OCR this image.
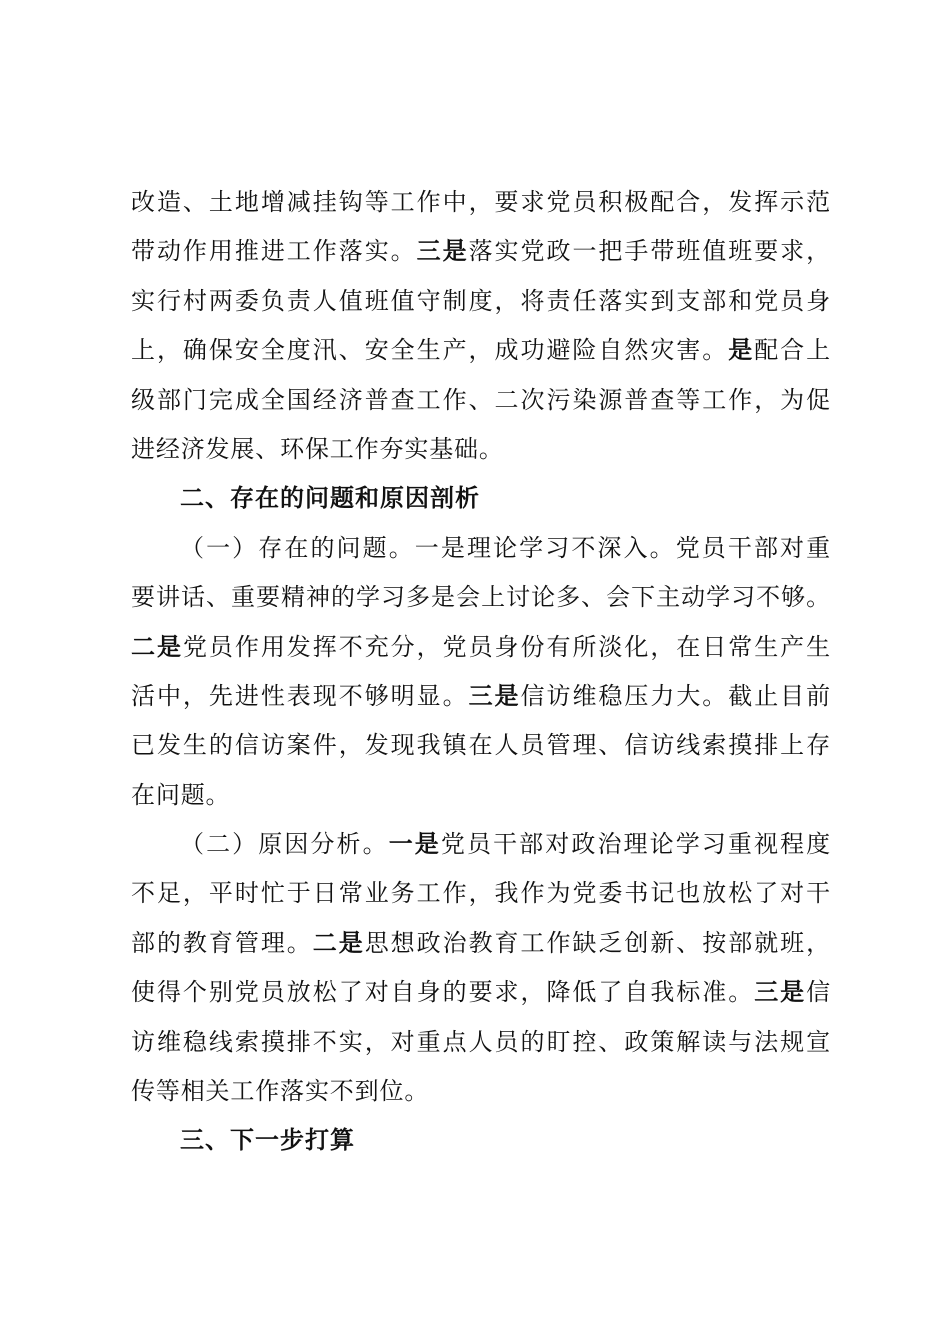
改造、土地增减挂钩等工作中，要求党员积极配合，发挥示范
带动作用推进工作落实。三是落实党政一把手带班值班要求，
实行村两委负责人值班值守制度，将责任落实到支部和党员身
上，确保安全度汛、安全生产，成功避险自然灾害。是配合上
级部门完成全国经济普查工作、二次污染源普查等工作，为促
进经济发展、环保工作夯实基础。
二、存在的问题和原因剖析
（一）存在的问题。一是理论学习不深入。党员干部对重
要讲话、重要精神的学习多是会上讨论多、会下主动学习不够。
二是党员作用发挥不充分，党员身份有所淡化，在日常生产生
活中，先进性表现不够明显。三是信访维稳压力大。截止目前
已发生的信访案件，发现我镇在人员管理、信访线索摸排上存
在问题。
（二）原因分析。一是党员干部对政治理论学习重视程度
不足，平时忙于日常业务工作，我作为党委书记也放松了对干
部的教育管理。二是思想政治教育工作缺乏创新、按部就班，
使得个别党员放松了对自身的要求，降低了自我标准。三是信
访维稳线索摸排不实，对重点人员的盯控、政策解读与法规宣
传等相关工作落实不到位。
三、下一步打算
